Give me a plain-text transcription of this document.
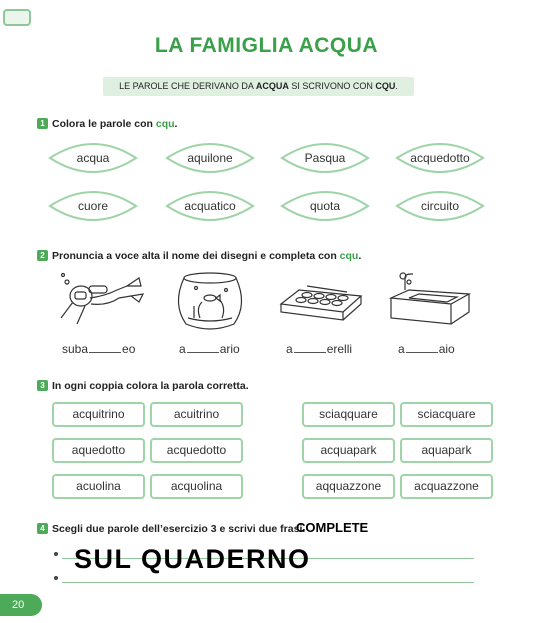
LA FAMIGLIA ACQUA
LE PAROLE CHE DERIVANO DA ACQUA SI SCRIVONO CON CQU.
1 Colora le parole con cqu.
acqua	aquilone	Pasqua	acquedotto
cuore	acquatico	quota	circuito
2 Pronuncia a voce alta il nome dei disegni e completa con cqu.
suba	eo	a	ario	a	erelli	a	aio
3 In ogni coppia colora la parola corretta.
acquitrino	acuitrino
aquedotto	acquedotto
acuolina	acquolina
sciaqquare	sciacquare
acquapark	aquapark
aqquazzone	acquazzone
4 Scegli due parole dell’esercizio 3 e scrivi due frasi.
COMPLETE
SUL QUADERNO
20
